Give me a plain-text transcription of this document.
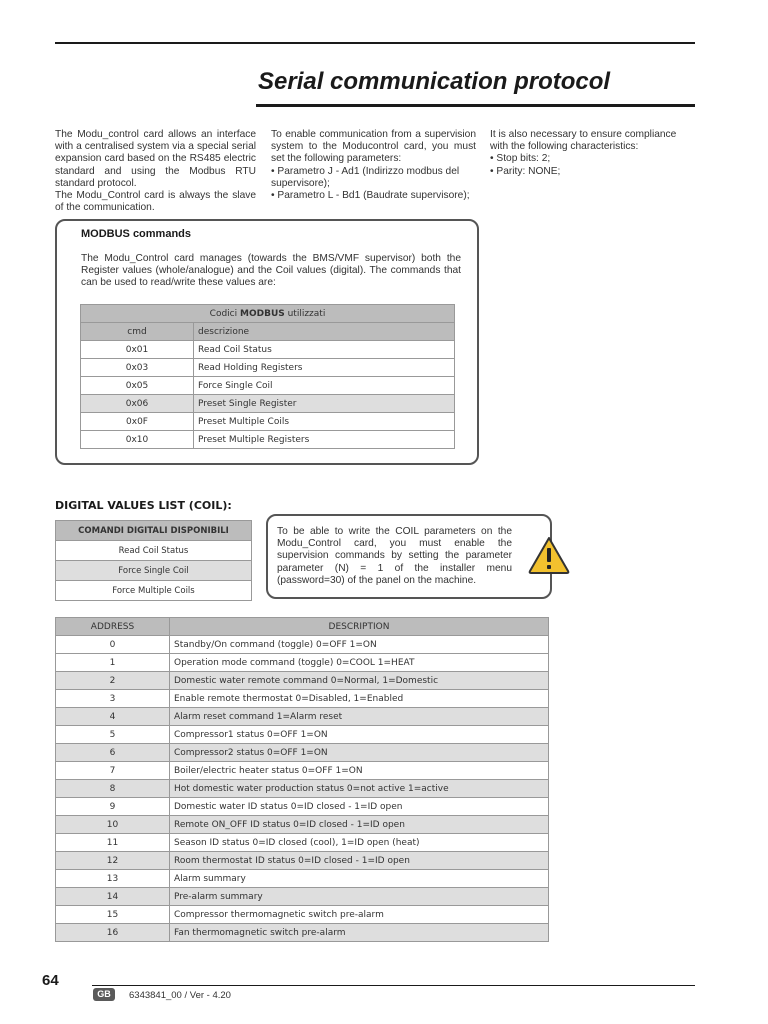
Serial communication protocol

The Modu_control card allows an interface with a centralised system via a special serial expansion card based on the RS485 electric standard and using the Modbus RTU standard protocol.

The Modu_Control card is always the slave of the communication.

To enable communication from a supervision system to the Moducontrol card, you must set the following parameters:

• Parametro J - Ad1 (Indirizzo modbus del supervisore);

• Parametro L - Bd1 (Baudrate supervisore);

It is also necessary to ensure compliance with the following characteristics:

• Stop bits: 2;

• Parity: NONE;

MODBUS commands
The Modu_Control card manages (towards the BMS/VMF supervisor) both the Register values (whole/analogue) and the Coil values (digital). The commands that can be used to read/write these values are:
Codici MODBUS utilizzati	
cmd	descrizione
0x01	Read Coil Status
0x03	Read Holding Registers
0x05	Force Single Coil
0x06	Preset Single Register
0x0F	Preset Multiple Coils
0x10	Preset Multiple Registers
DIGITAL VALUES LIST (COIL):
COMANDI DIGITALI DISPONIBILI
Read Coil Status
Force Single Coil
Force Multiple Coils
To be able to write the COIL parameters on the Modu_Control card, you must enable the supervision commands by setting the parameter parameter (N) = 1 of the installer menu (password=30) of the panel on the machine.
ADDRESS	DESCRIPTION
0	Standby/On command (toggle) 0=OFF 1=ON
1	Operation mode command (toggle) 0=COOL 1=HEAT
2	Domestic water remote command 0=Normal, 1=Domestic
3	Enable remote thermostat 0=Disabled, 1=Enabled
4	Alarm reset command 1=Alarm reset
5	Compressor1 status 0=OFF 1=ON
6	Compressor2 status 0=OFF 1=ON
7	Boiler/electric heater status 0=OFF 1=ON
8	Hot domestic water production status 0=not active 1=active
9	Domestic water ID status 0=ID closed - 1=ID open
10	Remote ON_OFF ID status 0=ID closed - 1=ID open
11	Season ID status 0=ID closed (cool), 1=ID open (heat)
12	Room thermostat ID status 0=ID closed - 1=ID open
13	Alarm summary
14	Pre-alarm summary
15	Compressor thermomagnetic switch pre-alarm
16	Fan thermomagnetic switch pre-alarm
64
GB	6343841_00 / Ver - 4.20
